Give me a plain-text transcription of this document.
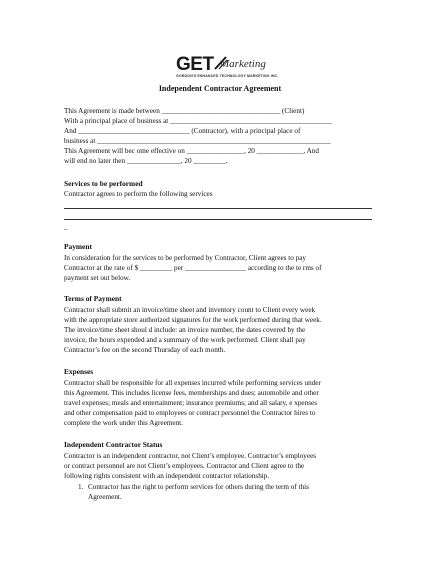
GET Marketing
GORDON'S ENHANCED TECHNOLOGY MARKETING INC.
Independent Contractor Agreement
This Agreement is made between _________________________________ (Client)
With a principal place of business at _____________________________________________
And _______________________________ (Contractor), with a principal place of
business at _________________________________________________________________
This Agreement will bec ome effective on ________________, 20 _____________, And
will end no later then _______________, 20 _________.
Services to be performed
Contractor agrees to perform the following services
–
Payment
In consideration for the services to be performed by Contractor, Client agrees to pay
Contractor at the rate of $ _________ per _________________ according to the te rms of
payment set out below.
Terms of Payment
Contractor shall submit an invoice/time sheet and inventory count to Client every week
with the appropriate store authorized signatures for the work performed during that week.
The invoice/time sheet shoul d include: an invoice number, the dates covered by the
invoice, the hours expended and a summary of the work performed. Client shall pay
Contractor’s fee on the second Thursday of each month.
Expenses
Contractor shall be responsible for all expenses incurred while performing services under
this Agreement. This includes license fees, memberships and dues; automobile and other
travel expenses; meals and entertainment; insurance premiums; and all salary, e xpenses
and other compensation paid to employees or contract personnel the Contractor hires to
complete the work under this Agreement.
Independent Contractor Status
Contractor is an independent contractor, not Client’s employee. Contractor’s employees
or contract personnel are not Client’s employees. Contractor and Client agree to the
following rights consistent with an independent contractor relationship.
1. Contractor has the right to perform services for others during the term of this
Agreement.
